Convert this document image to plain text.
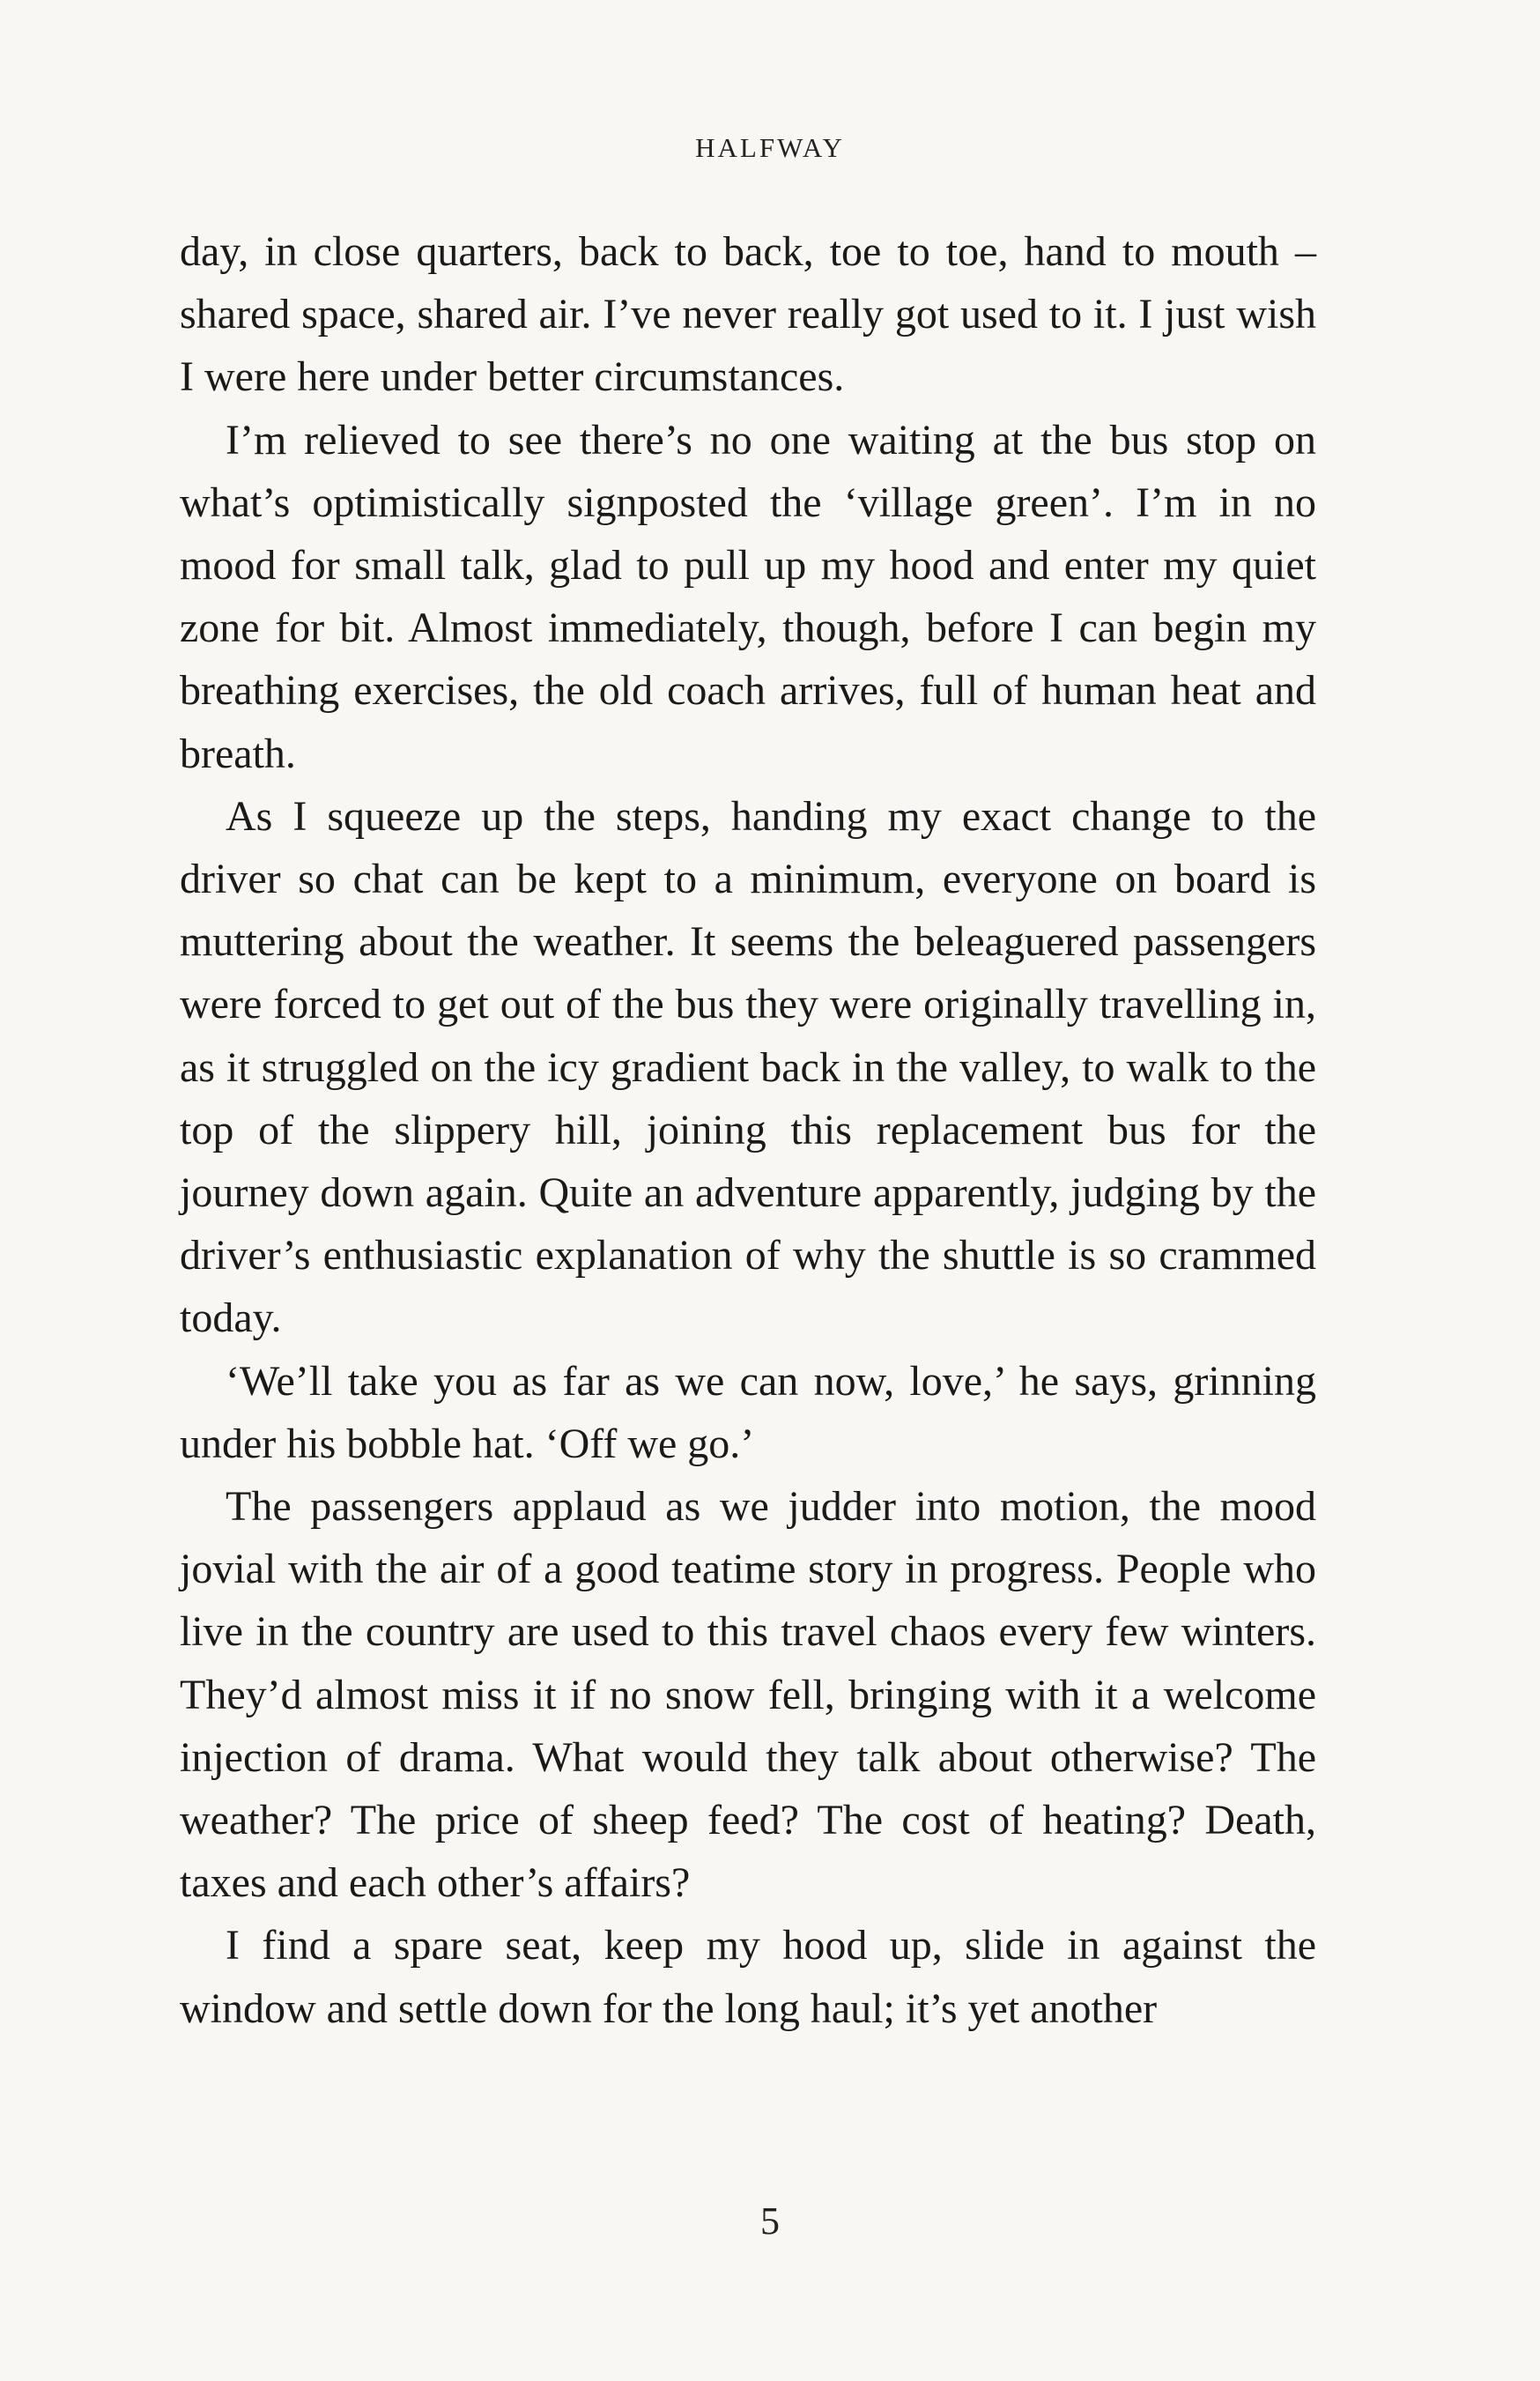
HALFWAY

day, in close quarters, back to back, toe to toe, hand to mouth – shared space, shared air. I’ve never really got used to it. I just wish I were here under better circumstances.

I’m relieved to see there’s no one waiting at the bus stop on what’s optimistically signposted the ‘village green’. I’m in no mood for small talk, glad to pull up my hood and enter my quiet zone for bit. Almost immediately, though, before I can begin my breathing exercises, the old coach arrives, full of human heat and breath.

As I squeeze up the steps, handing my exact change to the driver so chat can be kept to a minimum, everyone on board is muttering about the weather. It seems the beleaguered passengers were forced to get out of the bus they were originally travelling in, as it struggled on the icy gradient back in the valley, to walk to the top of the slippery hill, joining this replacement bus for the journey down again. Quite an adventure apparently, judging by the driver’s enthusiastic explanation of why the shuttle is so crammed today.

‘We’ll take you as far as we can now, love,’ he says, grinning under his bobble hat. ‘Off we go.’

The passengers applaud as we judder into motion, the mood jovial with the air of a good teatime story in progress. People who live in the country are used to this travel chaos every few winters. They’d almost miss it if no snow fell, bringing with it a welcome injection of drama. What would they talk about otherwise? The weather? The price of sheep feed? The cost of heating? Death, taxes and each other’s affairs?

I find a spare seat, keep my hood up, slide in against the window and settle down for the long haul; it’s yet another

5
